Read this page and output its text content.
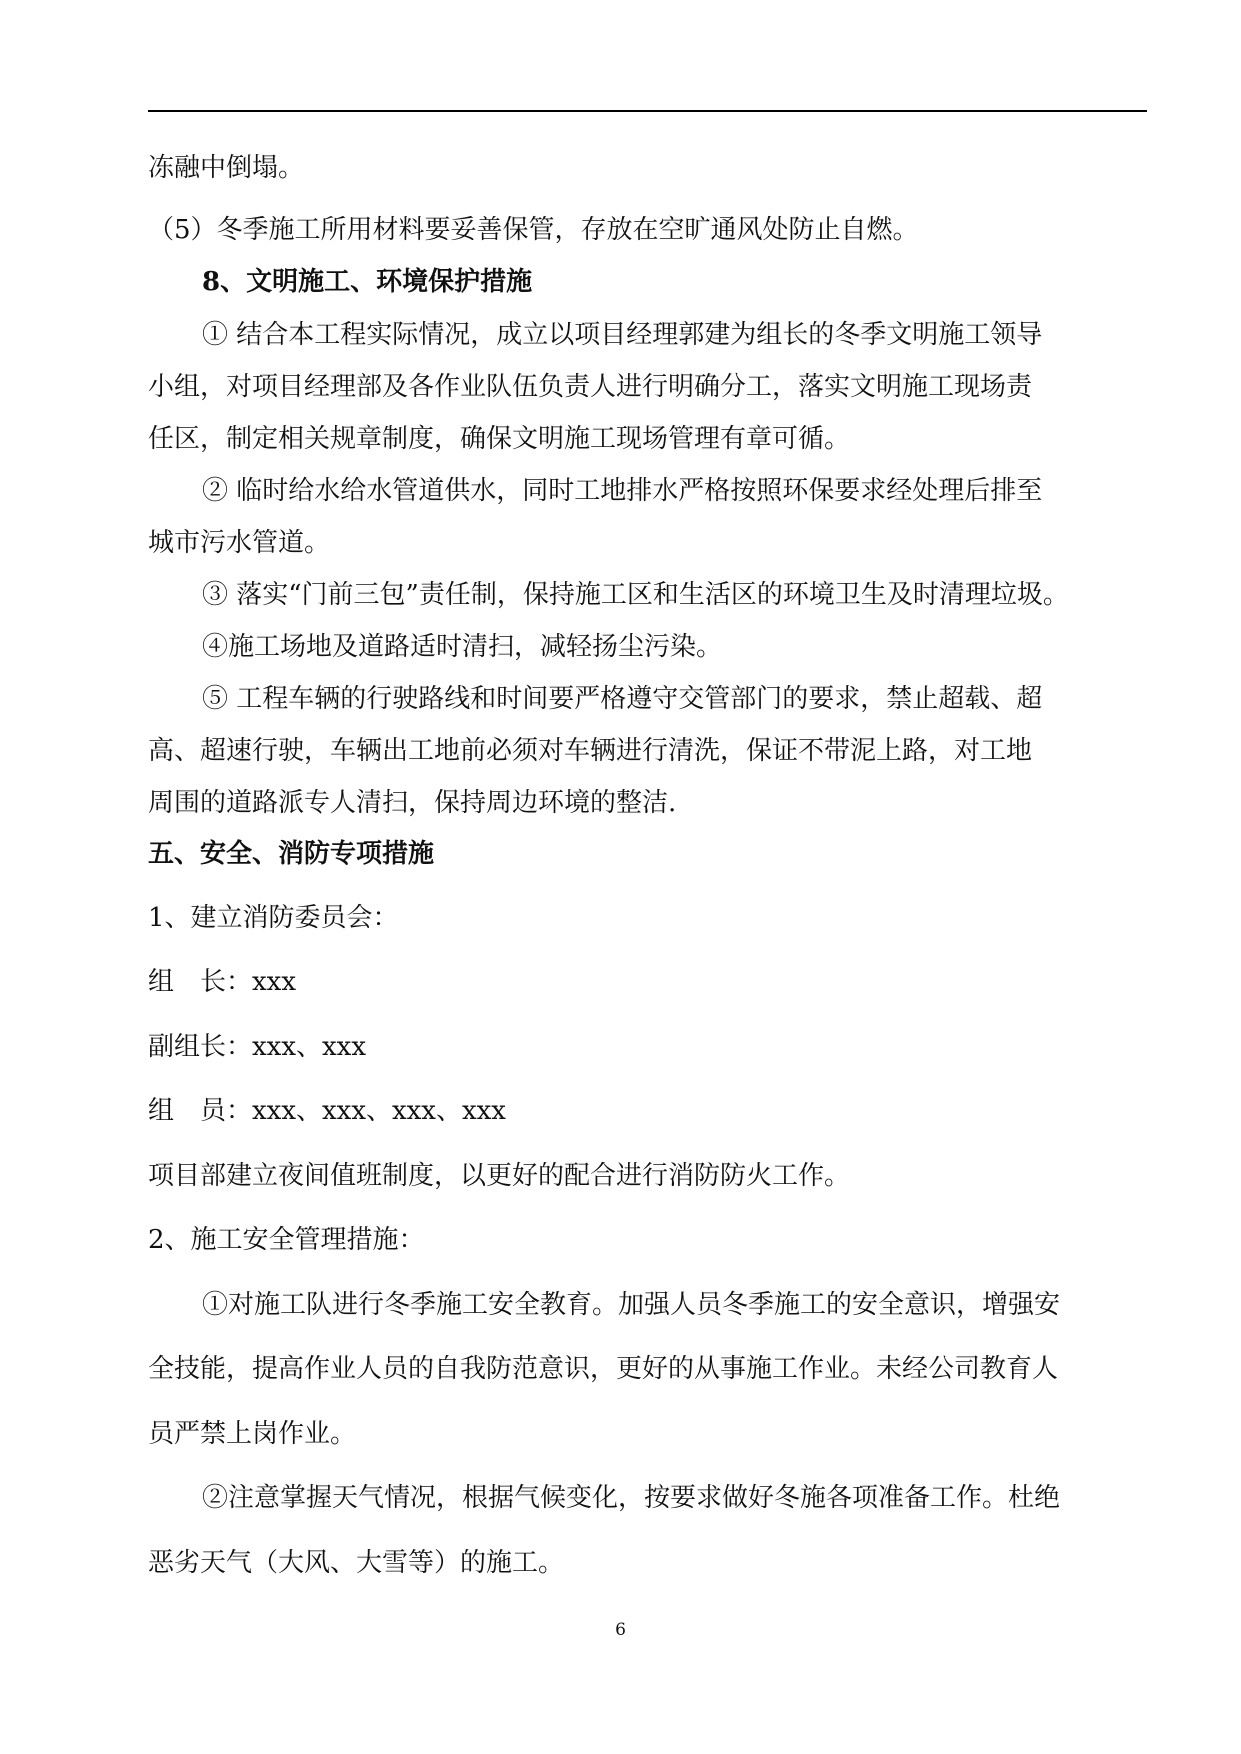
冻融中倒塌。
（5）冬季施工所用材料要妥善保管，存放在空旷通风处防止自燃。
8、文明施工、环境保护措施
① 结合本工程实际情况，成立以项目经理郭建为组长的冬季文明施工领导
小组，对项目经理部及各作业队伍负责人进行明确分工，落实文明施工现场责
任区，制定相关规章制度，确保文明施工现场管理有章可循。
② 临时给水给水管道供水，同时工地排水严格按照环保要求经处理后排至
城市污水管道。
③ 落实“门前三包”责任制，保持施工区和生活区的环境卫生及时清理垃圾。
④施工场地及道路适时清扫，减轻扬尘污染。
⑤ 工程车辆的行驶路线和时间要严格遵守交管部门的要求，禁止超载、超
高、超速行驶，车辆出工地前必须对车辆进行清洗，保证不带泥上路，对工地
周围的道路派专人清扫，保持周边环境的整洁.
五、安全、消防专项措施
1、建立消防委员会：
组　长：xxx
副组长：xxx、xxx
组　员：xxx、xxx、xxx、xxx
项目部建立夜间值班制度，以更好的配合进行消防防火工作。
2、施工安全管理措施：
①对施工队进行冬季施工安全教育。加强人员冬季施工的安全意识，增强安
全技能，提高作业人员的自我防范意识，更好的从事施工作业。未经公司教育人
员严禁上岗作业。
②注意掌握天气情况，根据气候变化，按要求做好冬施各项准备工作。杜绝
恶劣天气（大风、大雪等）的施工。
6
